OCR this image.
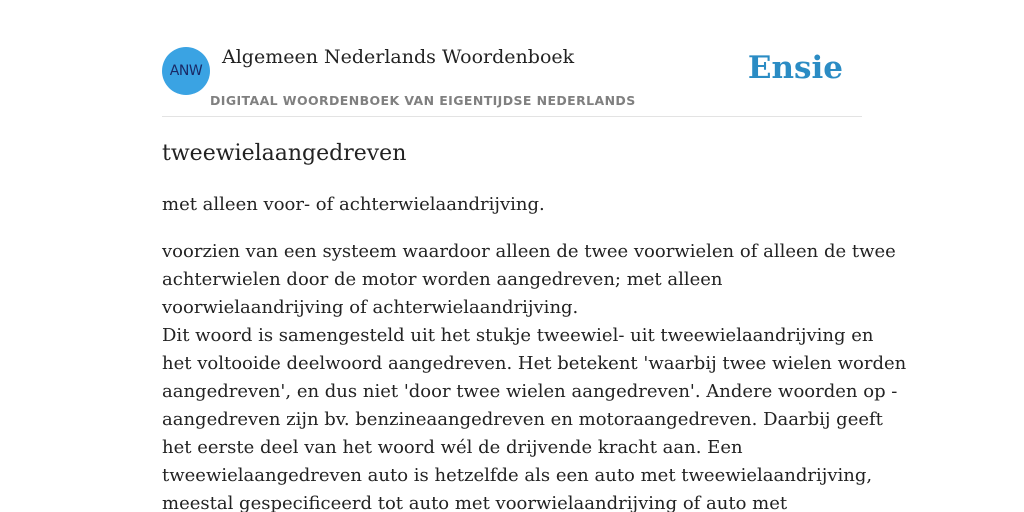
ANW
Algemeen Nederlands Woordenboek
DIGITAAL WOORDENBOEK VAN EIGENTIJDSE NEDERLANDS
Ensie
tweewielaangedreven

met alleen voor- of achterwielaandrijving.

voorzien van een systeem waardoor alleen de twee voorwielen of alleen de twee
achterwielen door de motor worden aangedreven; met alleen
voorwielaandrijving of achterwielaandrijving.
Dit woord is samengesteld uit het stukje tweewiel- uit tweewielaandrijving en
het voltooide deelwoord aangedreven. Het betekent 'waarbij twee wielen worden
aangedreven', en dus niet 'door twee wielen aangedreven'. Andere woorden op -
aangedreven zijn bv. benzineaangedreven en motoraangedreven. Daarbij geeft
het eerste deel van het woord wél de drijvende kracht aan. Een
tweewielaangedreven auto is hetzelfde als een auto met tweewielaandrijving,
meestal gespecificeerd tot auto met voorwielaandrijving of auto met
